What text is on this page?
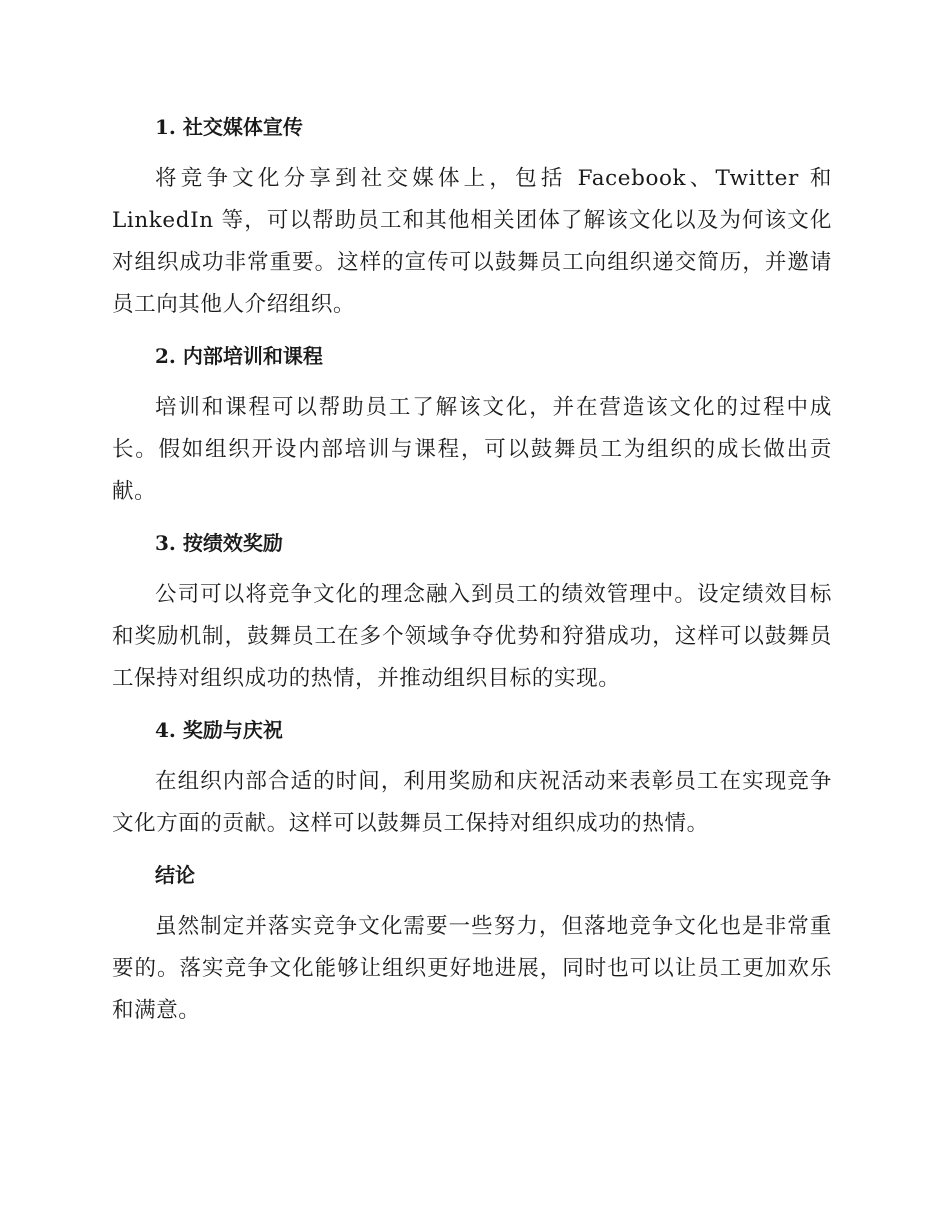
1. 社交媒体宣传

将竞争文化分享到社交媒体上，包括 Facebook、Twitter 和 LinkedIn 等，可以帮助员工和其他相关团体了解该文化以及为何该文化对组织成功非常重要。这样的宣传可以鼓舞员工向组织递交简历，并邀请员工向其他人介绍组织。

2. 内部培训和课程

培训和课程可以帮助员工了解该文化，并在营造该文化的过程中成长。假如组织开设内部培训与课程，可以鼓舞员工为组织的成长做出贡献。

3. 按绩效奖励

公司可以将竞争文化的理念融入到员工的绩效管理中。设定绩效目标和奖励机制，鼓舞员工在多个领域争夺优势和狩猎成功，这样可以鼓舞员工保持对组织成功的热情，并推动组织目标的实现。

4. 奖励与庆祝

在组织内部合适的时间，利用奖励和庆祝活动来表彰员工在实现竞争文化方面的贡献。这样可以鼓舞员工保持对组织成功的热情。

结论

虽然制定并落实竞争文化需要一些努力，但落地竞争文化也是非常重要的。落实竞争文化能够让组织更好地进展，同时也可以让员工更加欢乐和满意。
